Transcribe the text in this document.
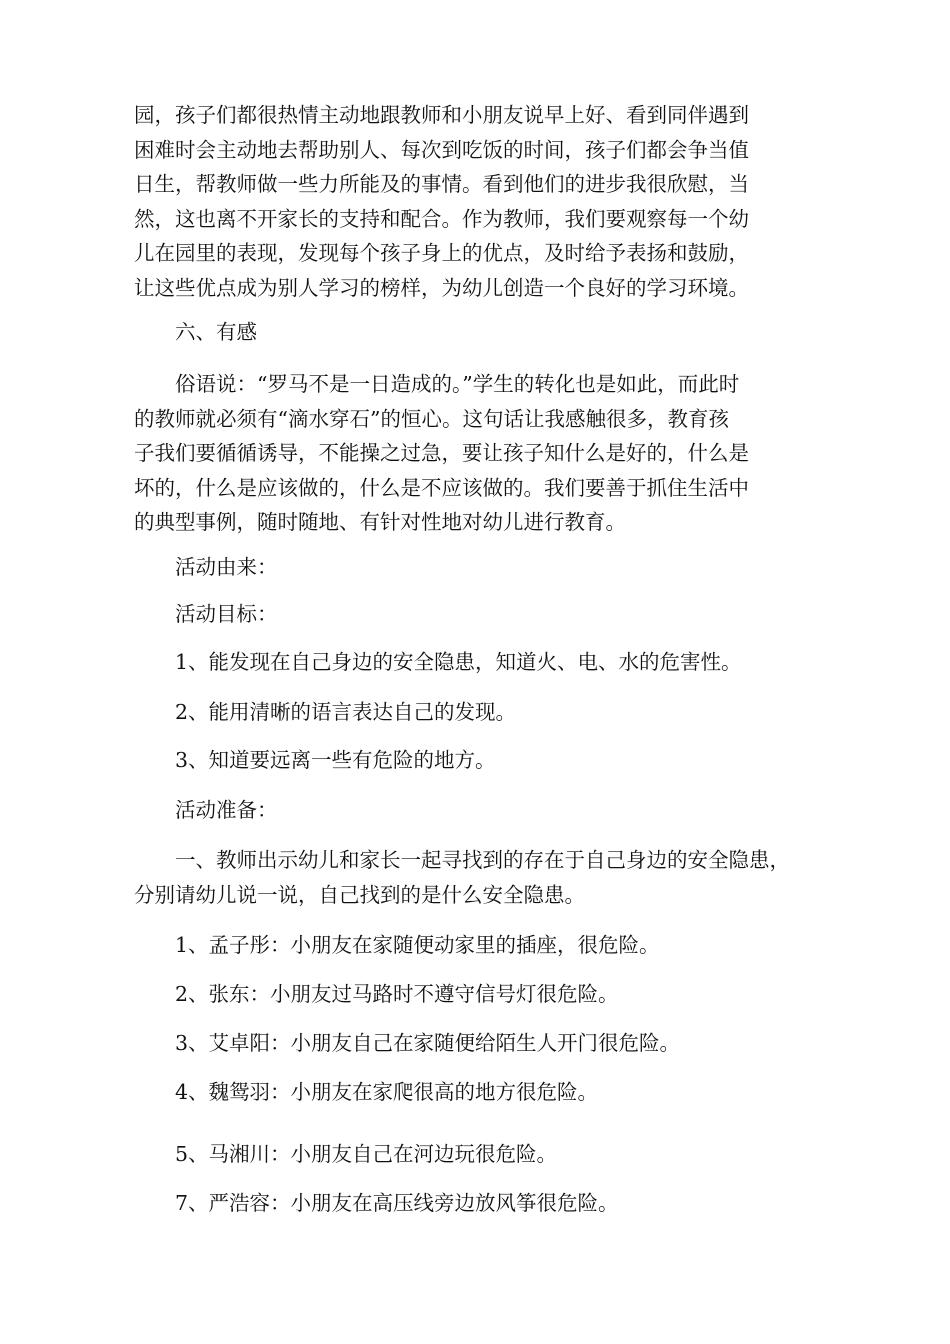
园，孩子们都很热情主动地跟教师和小朋友说早上好、看到同伴遇到
困难时会主动地去帮助别人、每次到吃饭的时间，孩子们都会争当值
日生，帮教师做一些力所能及的事情。看到他们的进步我很欣慰，当
然，这也离不开家长的支持和配合。作为教师，我们要观察每一个幼
儿在园里的表现，发现每个孩子身上的优点，及时给予表扬和鼓励，
让这些优点成为别人学习的榜样，为幼儿创造一个良好的学习环境。
　　六、有感
　　俗语说：“罗马不是一日造成的。”学生的转化也是如此，而此时
的教师就必须有“滴水穿石”的恒心。这句话让我感触很多，教育孩
子我们要循循诱导，不能操之过急，要让孩子知什么是好的，什么是
坏的，什么是应该做的，什么是不应该做的。我们要善于抓住生活中
的典型事例，随时随地、有针对性地对幼儿进行教育。
　　活动由来：
　　活动目标：
　　1、能发现在自己身边的安全隐患，知道火、电、水的危害性。
　　2、能用清晰的语言表达自己的发现。
　　3、知道要远离一些有危险的地方。
　　活动准备：
　　一、教师出示幼儿和家长一起寻找到的存在于自己身边的安全隐患，
分别请幼儿说一说，自己找到的是什么安全隐患。
　　1、孟子彤：小朋友在家随便动家里的插座，很危险。
　　2、张东：小朋友过马路时不遵守信号灯很危险。
　　3、艾卓阳：小朋友自己在家随便给陌生人开门很危险。
　　4、魏鸳羽：小朋友在家爬很高的地方很危险。
　　5、马湘川：小朋友自己在河边玩很危险。
　　7、严浩容：小朋友在高压线旁边放风筝很危险。
